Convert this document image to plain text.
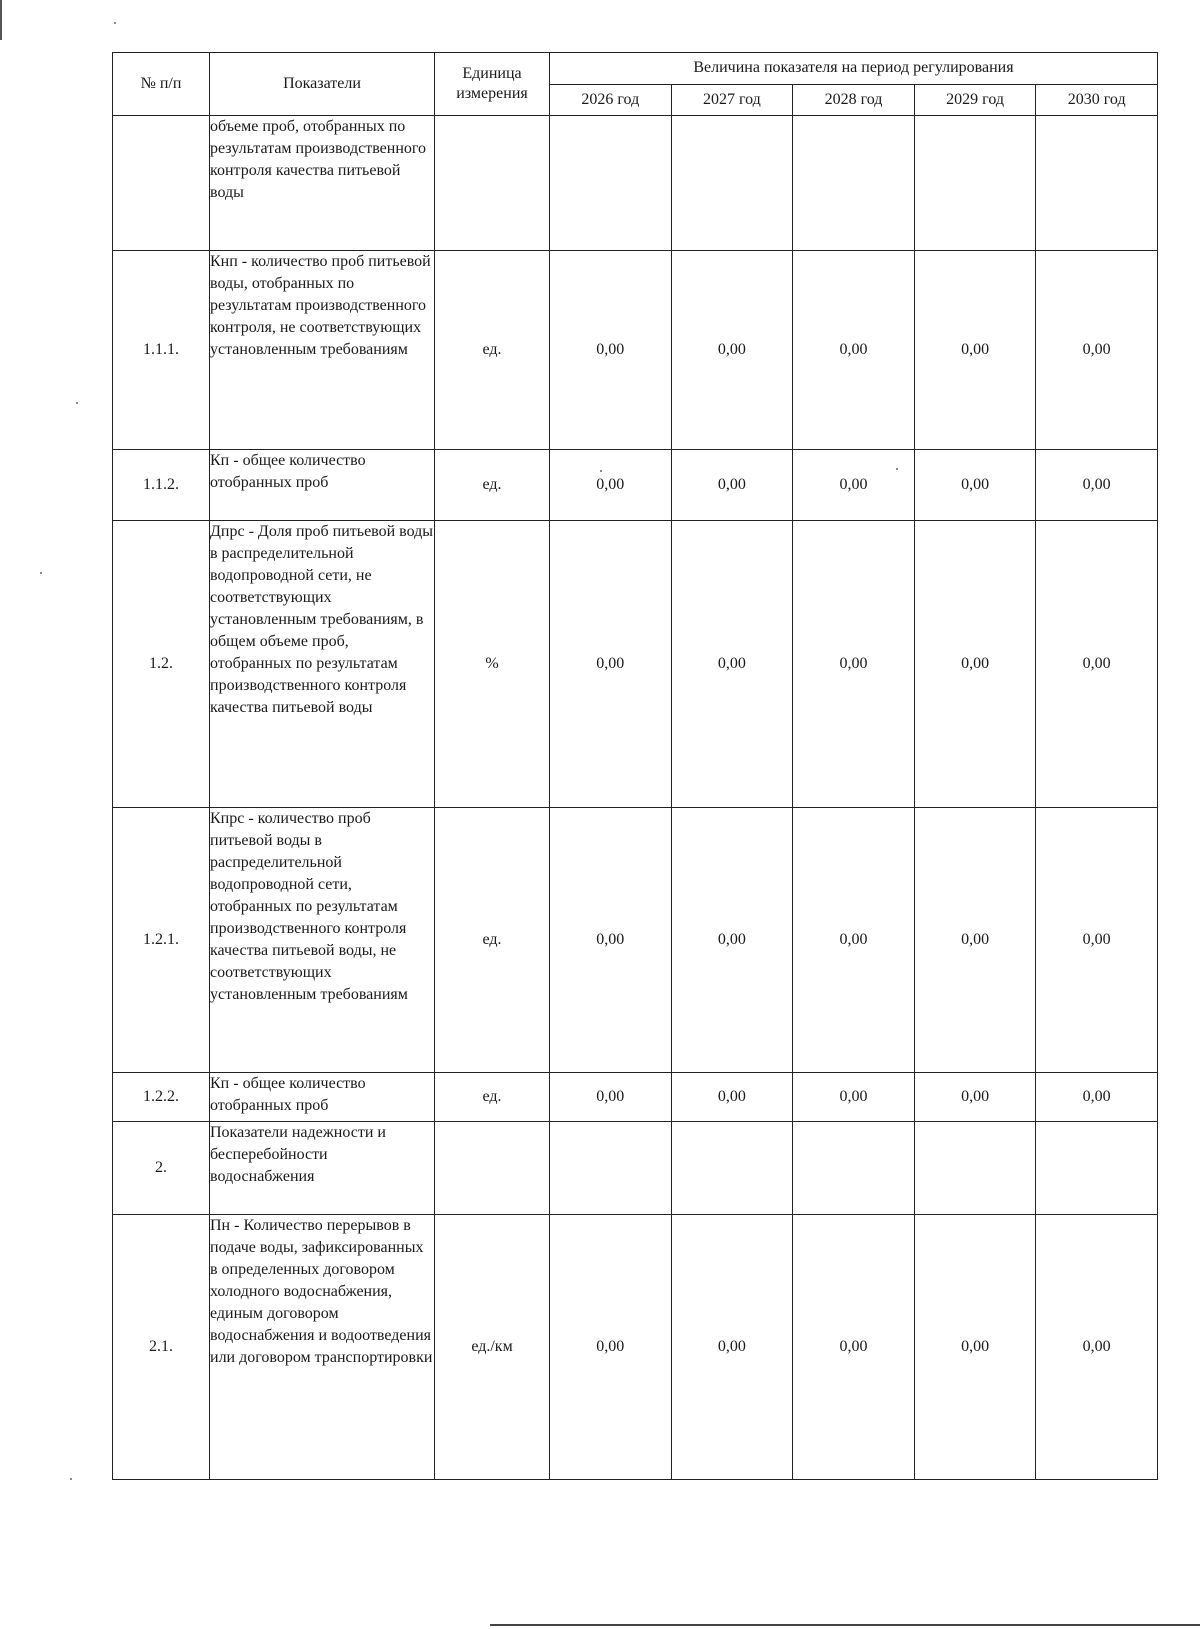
№ п/п	Показатели	Единица измерения	Величина показателя на период регулирования				
			2026 год	2027 год	2028 год	2029 год	2030 год
	объеме проб, отобранных по результатам производственного контроля качества питьевой воды						
1.1.1.	Кнп - количество проб питьевой воды, отобранных по результатам производственного контроля, не соответствующих установленным требованиям	ед.	0,00	0,00	0,00	0,00	0,00
1.1.2.	Кп - общее количество отобранных проб	ед.	0,00	0,00	0,00	0,00	0,00
1.2.	Дпрс - Доля проб питьевой воды в распределительной водопроводной сети, не соответствующих установленным требованиям, в общем объеме проб, отобранных по результатам производственного контроля качества питьевой воды	%	0,00	0,00	0,00	0,00	0,00
1.2.1.	Кпрс - количество проб питьевой воды в распределительной водопроводной сети, отобранных по результатам производственного контроля качества питьевой воды, не соответствующих установленным требованиям	ед.	0,00	0,00	0,00	0,00	0,00
1.2.2.	Кп - общее количество отобранных проб	ед.	0,00	0,00	0,00	0,00	0,00
2.	Показатели надежности и бесперебойности водоснабжения						
2.1.	Пн - Количество перерывов в подаче воды, зафиксированных в определенных договором холодного водоснабжения, единым договором водоснабжения и водоотведения или договором транспортировки	ед./км	0,00	0,00	0,00	0,00	0,00
